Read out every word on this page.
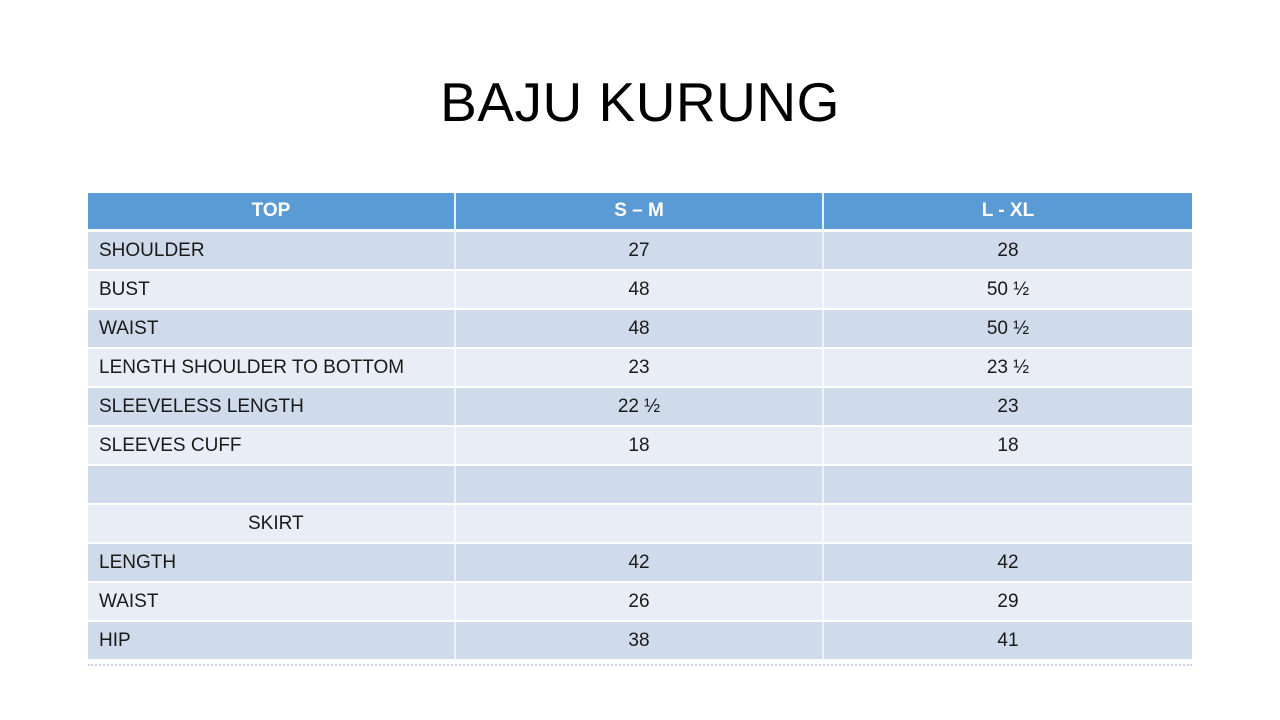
BAJU KURUNG
TOP	S – M	L - XL
SHOULDER	27	28
BUST	48	50 ½
WAIST	48	50 ½
LENGTH SHOULDER TO BOTTOM	23	23 ½
SLEEVELESS LENGTH	22 ½	23
SLEEVES CUFF	18	18

SKIRT		
LENGTH	42	42
WAIST	26	29
HIP	38	41
